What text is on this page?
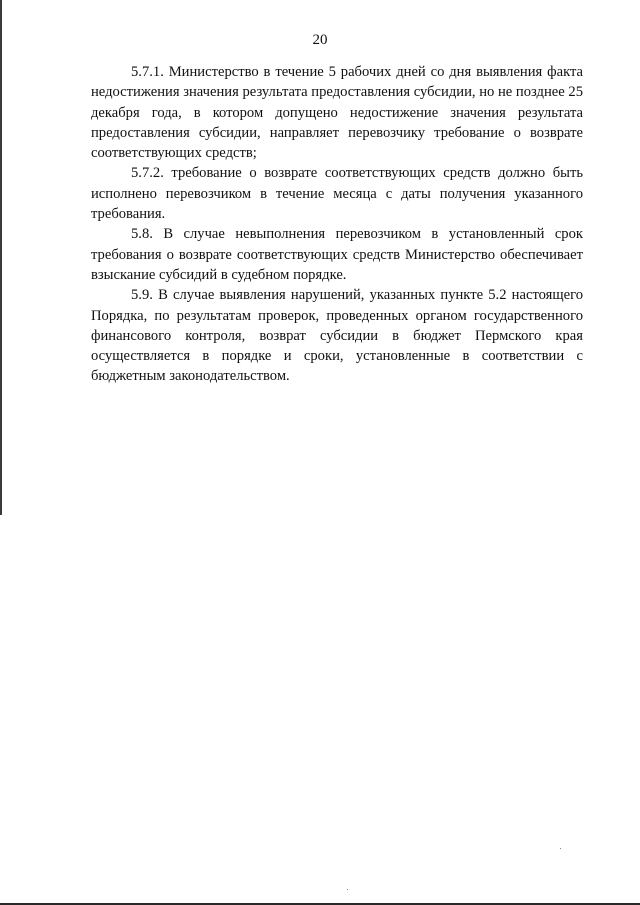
20

5.7.1. Министерство в течение 5 рабочих дней со дня выявления факта недостижения значения результата предоставления субсидии, но не позднее 25 декабря года, в котором допущено недостижение значения результата предоставления субсидии, направляет перевозчику требование о возврате соответствующих средств;

5.7.2. требование о возврате соответствующих средств должно быть исполнено перевозчиком в течение месяца с даты получения указанного требования.

5.8. В случае невыполнения перевозчиком в установленный срок требования о возврате соответствующих средств Министерство обеспечивает взыскание субсидий в судебном порядке.

5.9. В случае выявления нарушений, указанных пункте 5.2 настоящего Порядка, по результатам проверок, проведенных органом государственного финансового контроля, возврат субсидии в бюджет Пермского края осуществляется в порядке и сроки, установленные в соответствии с бюджетным законодательством.
